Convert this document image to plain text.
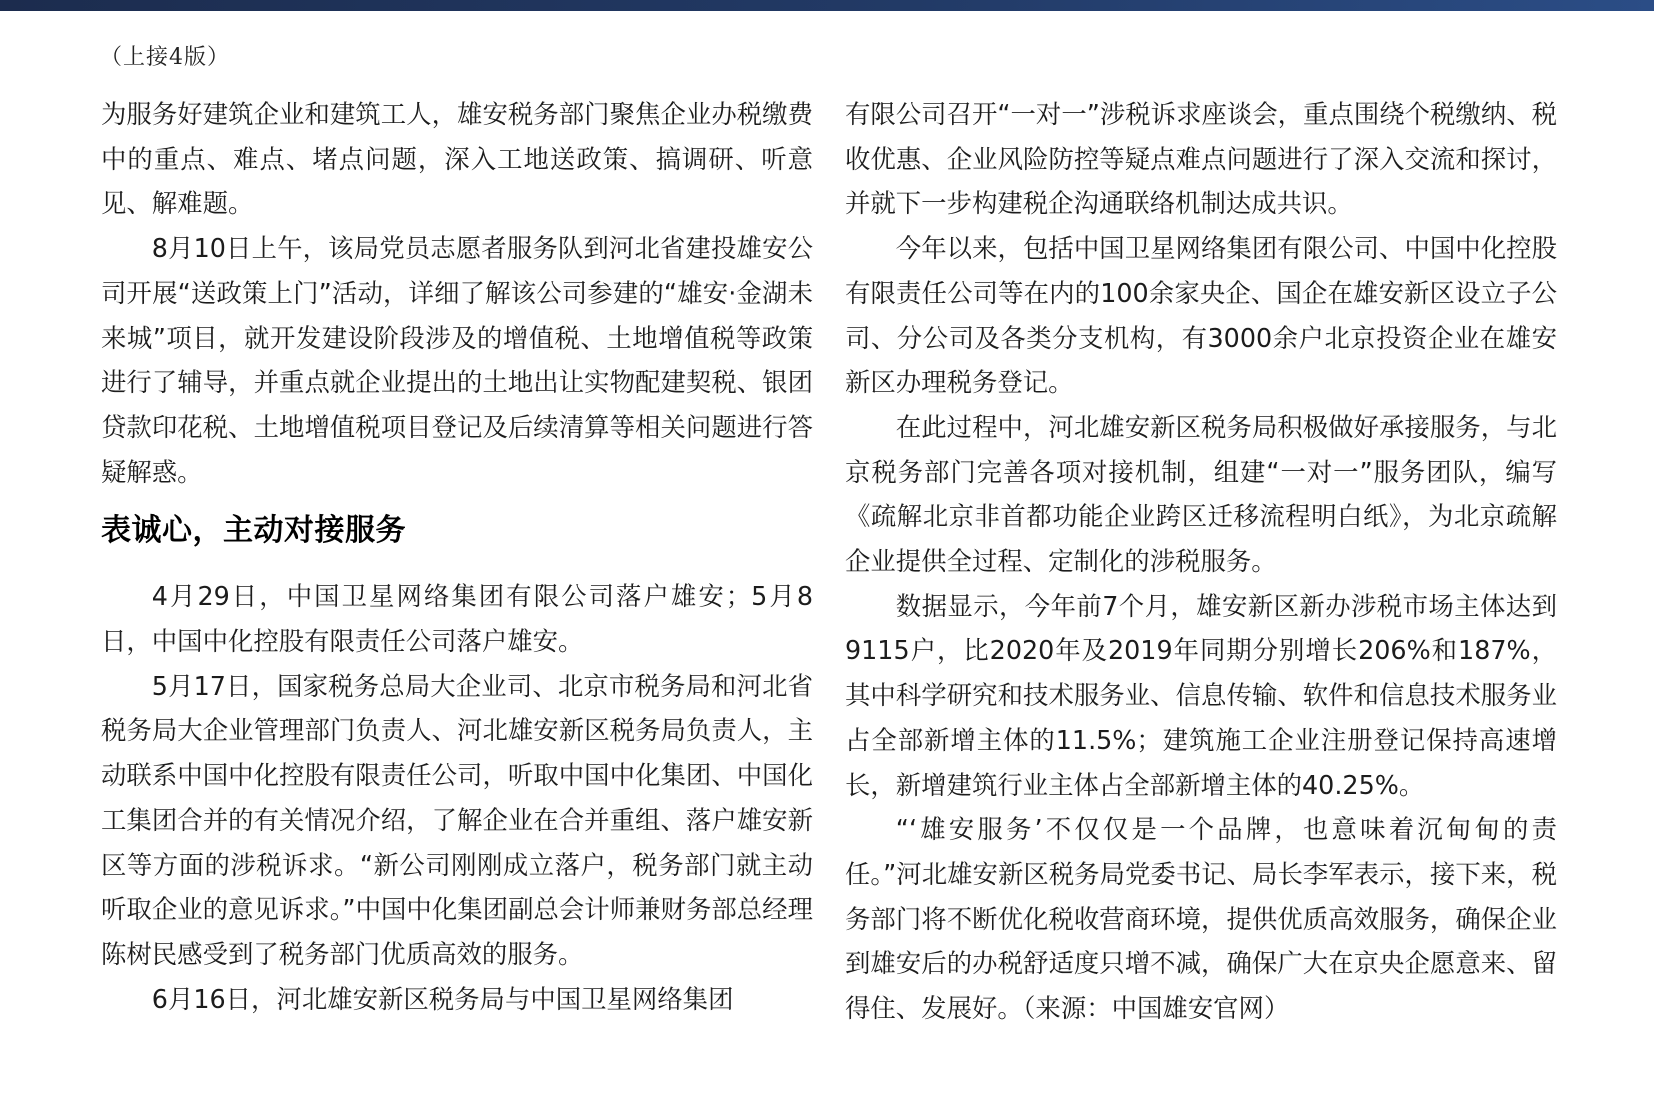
（上接4版）

为服务好建筑企业和建筑工人，雄安税务部门聚焦企业办税缴费中的重点、难点、堵点问题，深入工地送政策、搞调研、听意见、解难题。

8月10日上午，该局党员志愿者服务队到河北省建投雄安公司开展“送政策上门”活动，详细了解该公司参建的“雄安·金湖未来城”项目，就开发建设阶段涉及的增值税、土地增值税等政策进行了辅导，并重点就企业提出的土地出让实物配建契税、银团贷款印花税、土地增值税项目登记及后续清算等相关问题进行答疑解惑。

表诚心，主动对接服务

4月29日，中国卫星网络集团有限公司落户雄安；5月8日，中国中化控股有限责任公司落户雄安。

5月17日，国家税务总局大企业司、北京市税务局和河北省税务局大企业管理部门负责人、河北雄安新区税务局负责人，主动联系中国中化控股有限责任公司，听取中国中化集团、中国化工集团合并的有关情况介绍，了解企业在合并重组、落户雄安新区等方面的涉税诉求。“新公司刚刚成立落户，税务部门就主动听取企业的意见诉求。”中国中化集团副总会计师兼财务部总经理陈树民感受到了税务部门优质高效的服务。

6月16日，河北雄安新区税务局与中国卫星网络集团

有限公司召开“一对一”涉税诉求座谈会，重点围绕个税缴纳、税收优惠、企业风险防控等疑点难点问题进行了深入交流和探讨，并就下一步构建税企沟通联络机制达成共识。

今年以来，包括中国卫星网络集团有限公司、中国中化控股有限责任公司等在内的100余家央企、国企在雄安新区设立子公司、分公司及各类分支机构，有3000余户北京投资企业在雄安新区办理税务登记。

在此过程中，河北雄安新区税务局积极做好承接服务，与北京税务部门完善各项对接机制，组建“一对一”服务团队，编写《疏解北京非首都功能企业跨区迁移流程明白纸》，为北京疏解企业提供全过程、定制化的涉税服务。

数据显示，今年前7个月，雄安新区新办涉税市场主体达到9115户，比2020年及2019年同期分别增长206%和187%，其中科学研究和技术服务业、信息传输、软件和信息技术服务业占全部新增主体的11.5%；建筑施工企业注册登记保持高速增长，新增建筑行业主体占全部新增主体的40.25%。

“‘雄安服务’不仅仅是一个品牌，也意味着沉甸甸的责任。”河北雄安新区税务局党委书记、局长李军表示，接下来，税务部门将不断优化税收营商环境，提供优质高效服务，确保企业到雄安后的办税舒适度只增不减，确保广大在京央企愿意来、留得住、发展好。（来源：中国雄安官网）
